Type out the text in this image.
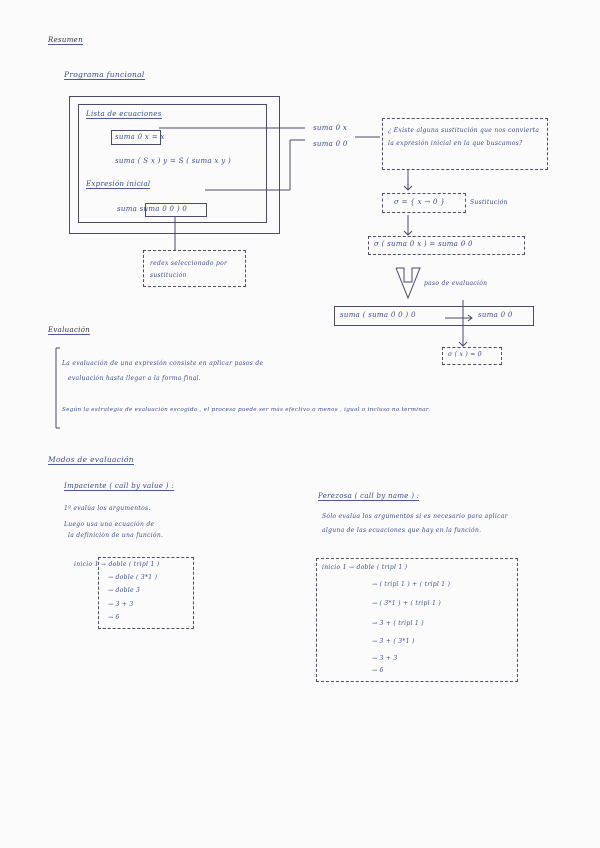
Resumen
Programa funcional
Lista de ecuaciones
suma 0 x = x
suma ( S x ) y = S ( suma x y )
Expresión inicial
suma suma 0 0 ) 0
redex seleccionado por sustitución
suma 0 x
suma 0 0
¿ Existe alguna sustitución que nos convierta la expresión inicial en la que buscamos?
σ = { x → 0 }	Sustitución
σ ( suma 0 x ) = suma 0 0
paso de evaluación
suma ( suma 0 0 ) 0	suma 0 0
σ ( x ) = 0
Evaluación
La evaluación de una expresión consiste en aplicar pasos de
evaluación hasta llegar a la forma final.
Según la estrategia de evaluación escogida , el proceso puede ser más efectivo o menos , igual o incluso no terminar.
Modos de evaluación
Impaciente ( call by value ) :
1º evalúa los argumentos.
Luego usa una ecuación de
la definición de una función.
inicio 1 → doble ( tripl 1 )
→ doble ( 3*1 )
→ doble 3
→ 3 + 3
→ 6
Perezosa ( call by name ) :
Sólo evalúa los argumentos si es necesario para aplicar
alguna de las ecuaciones que hay en la función.
inicio 1 → doble ( tripl 1 )
→ ( tripl 1 ) + ( tripl 1 )
→ ( 3*1 ) + ( tripl 1 )
→ 3 + ( tripl 1 )
→ 3 + ( 3*1 )
→ 3 + 3
→ 6
